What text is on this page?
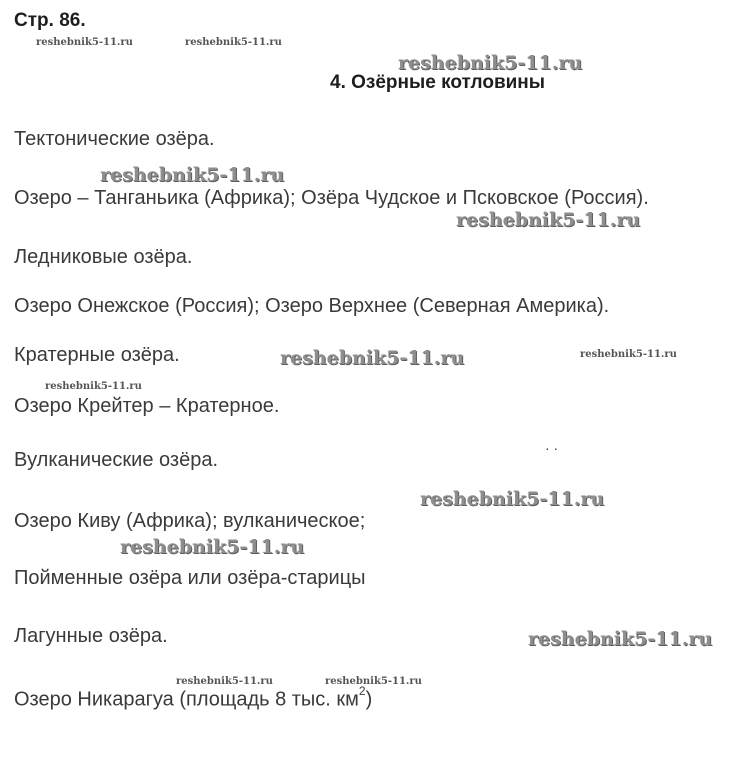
Стр. 86.
reshebnik5-11.ru	reshebnik5-11.ru
reshebnik5-11.ru
4. Озёрные котловины
Тектонические озёра.
reshebnik5-11.ru
Озеро – Танганьика (Африка); Озёра Чудское и Псковское (Россия).
reshebnik5-11.ru
Ледниковые озёра.
Озеро Онежское (Россия); Озеро Верхнее (Северная Америка).
Кратерные озёра.	reshebnik5-11.ru	reshebnik5-11.ru
reshebnik5-11.ru
Озеро Крейтер – Кратерное.
· ·
Вулканические озёра.
reshebnik5-11.ru
Озеро Киву (Африка); вулканическое;
reshebnik5-11.ru
Пойменные озёра или озёра-старицы
Лагунные озёра.	reshebnik5-11.ru
reshebnik5-11.ru	reshebnik5-11.ru
Озеро Никарагуа (площадь 8 тыс. $км^2$)
